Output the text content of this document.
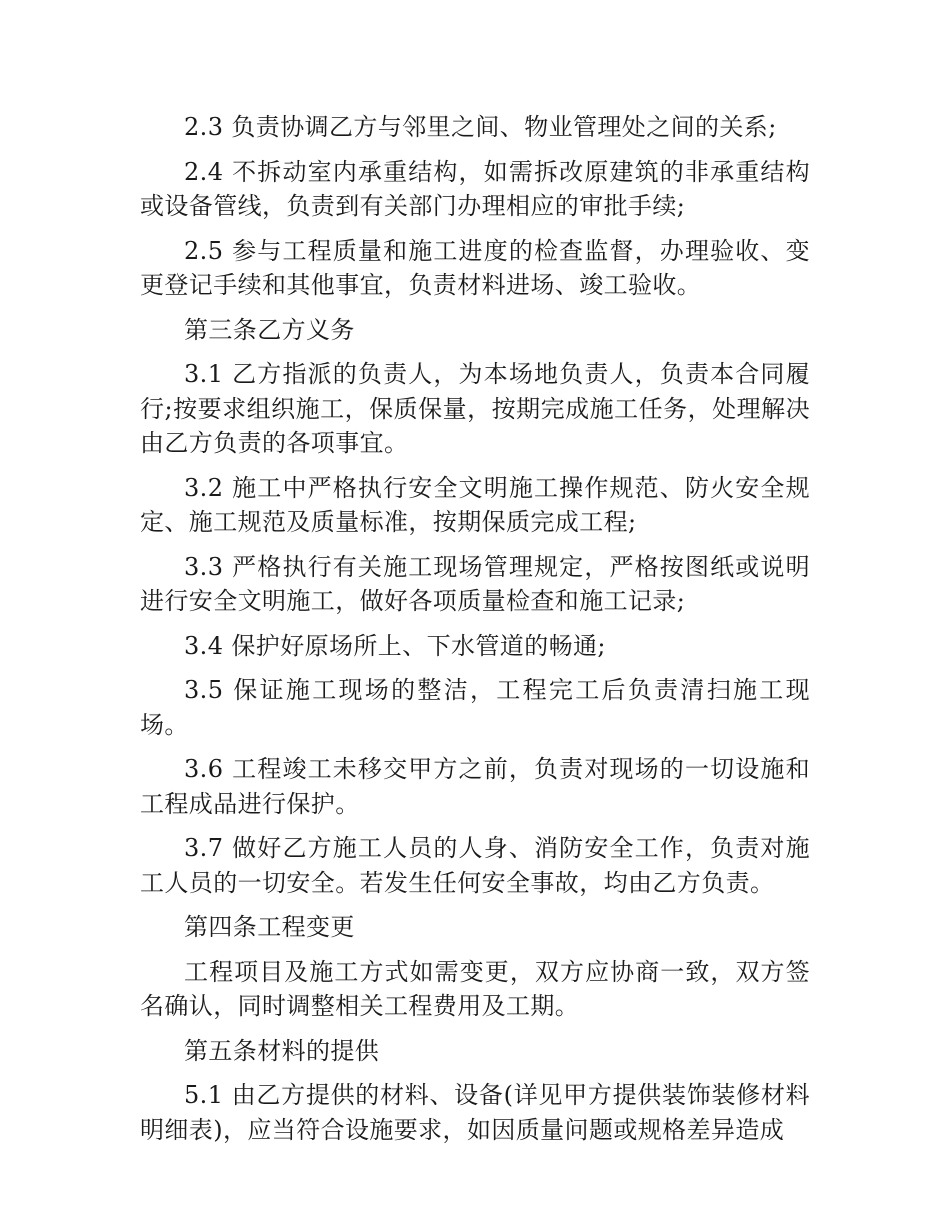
2.3 负责协调乙方与邻里之间、物业管理处之间的关系;

2.4 不拆动室内承重结构，如需拆改原建筑的非承重结构或设备管线，负责到有关部门办理相应的审批手续;

2.5 参与工程质量和施工进度的检查监督，办理验收、变更登记手续和其他事宜，负责材料进场、竣工验收。

第三条乙方义务

3.1 乙方指派的负责人，为本场地负责人，负责本合同履行;按要求组织施工，保质保量，按期完成施工任务，处理解决由乙方负责的各项事宜。

3.2 施工中严格执行安全文明施工操作规范、防火安全规定、施工规范及质量标准，按期保质完成工程;

3.3 严格执行有关施工现场管理规定，严格按图纸或说明进行安全文明施工，做好各项质量检查和施工记录;

3.4 保护好原场所上、下水管道的畅通;

3.5 保证施工现场的整洁，工程完工后负责清扫施工现场。

3.6 工程竣工未移交甲方之前，负责对现场的一切设施和工程成品进行保护。

3.7 做好乙方施工人员的人身、消防安全工作，负责对施工人员的一切安全。若发生任何安全事故，均由乙方负责。

第四条工程变更

工程项目及施工方式如需变更，双方应协商一致，双方签名确认，同时调整相关工程费用及工期。

第五条材料的提供

5.1 由乙方提供的材料、设备(详见甲方提供装饰装修材料明细表)，应当符合设施要求，如因质量问题或规格差异造成
